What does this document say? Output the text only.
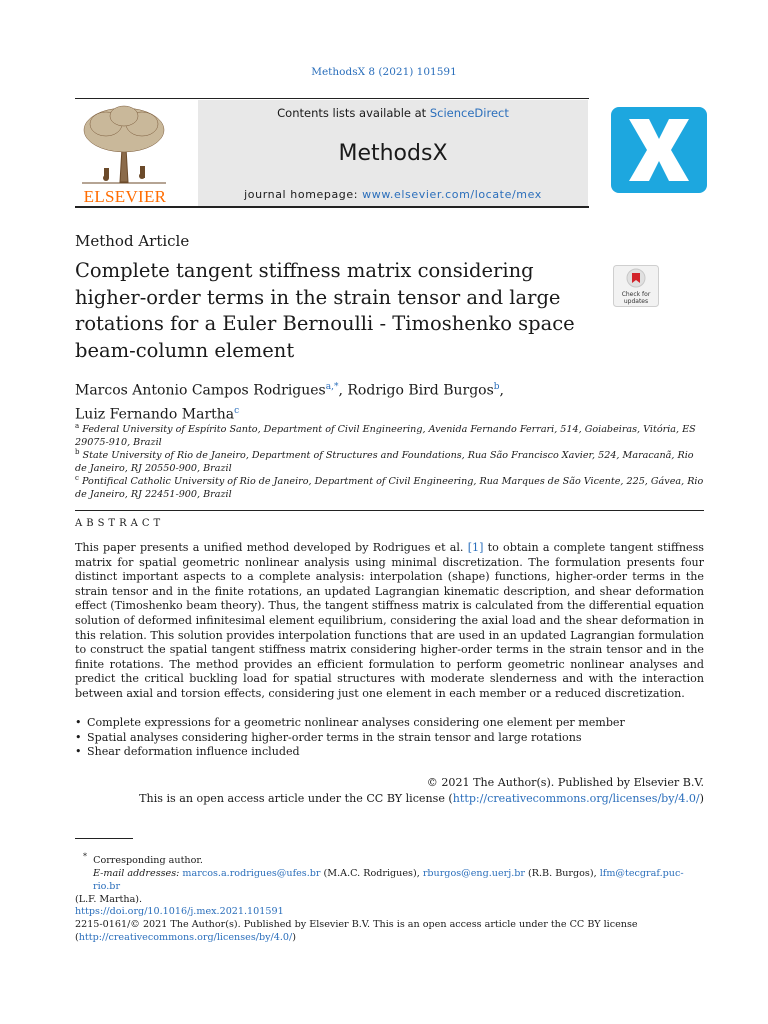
MethodsX 8 (2021) 101591
Contents lists available at ScienceDirect
MethodsX
journal homepage: www.elsevier.com/locate/mex
ELSEVIER
Method Article
Complete tangent stiffness matrix considering higher-order terms in the strain tensor and large rotations for a Euler Bernoulli - Timoshenko space beam-column element
Check for
updates
Marcos Antonio Campos Rodrigues$^{a,*}$, Rodrigo Bird Burgos$^b$,
Luiz Fernando Martha$^c$
$^a$ Federal University of Espírito Santo, Department of Civil Engineering, Avenida Fernando Ferrari, 514, Goiabeiras, Vitória, ES 29075-910, Brazil
$^b$ State University of Rio de Janeiro, Department of Structures and Foundations, Rua São Francisco Xavier, 524, Maracanã, Rio de Janeiro, RJ 20550-900, Brazil
$^c$ Pontifical Catholic University of Rio de Janeiro, Department of Civil Engineering, Rua Marques de São Vicente, 225, Gávea, Rio de Janeiro, RJ 22451-900, Brazil
ABSTRACT
This paper presents a unified method developed by Rodrigues et al. [1] to obtain a complete tangent stiffness matrix for spatial geometric nonlinear analysis using minimal discretization. The formulation presents four distinct important aspects to a complete analysis: interpolation (shape) functions, higher-order terms in the strain tensor and in the finite rotations, an updated Lagrangian kinematic description, and shear deformation effect (Timoshenko beam theory). Thus, the tangent stiffness matrix is calculated from the differential equation solution of deformed infinitesimal element equilibrium, considering the axial load and the shear deformation in this relation. This solution provides interpolation functions that are used in an updated Lagrangian formulation to construct the spatial tangent stiffness matrix considering higher-order terms in the strain tensor and in the finite rotations. The method provides an efficient formulation to perform geometric nonlinear analyses and predict the critical buckling load for spatial structures with moderate slenderness and with the interaction between axial and torsion effects, considering just one element in each member or a reduced discretization.
• Complete expressions for a geometric nonlinear analyses considering one element per member
• Spatial analyses considering higher-order terms in the strain tensor and large rotations
• Shear deformation influence included
© 2021 The Author(s). Published by Elsevier B.V.
This is an open access article under the CC BY license (http://creativecommons.org/licenses/by/4.0/)
* Corresponding author.
E-mail addresses: marcos.a.rodrigues@ufes.br (M.A.C. Rodrigues), rburgos@eng.uerj.br (R.B. Burgos), lfm@tecgraf.puc-rio.br
(L.F. Martha).
https://doi.org/10.1016/j.mex.2021.101591
2215-0161/© 2021 The Author(s). Published by Elsevier B.V. This is an open access article under the CC BY license
(http://creativecommons.org/licenses/by/4.0/)
